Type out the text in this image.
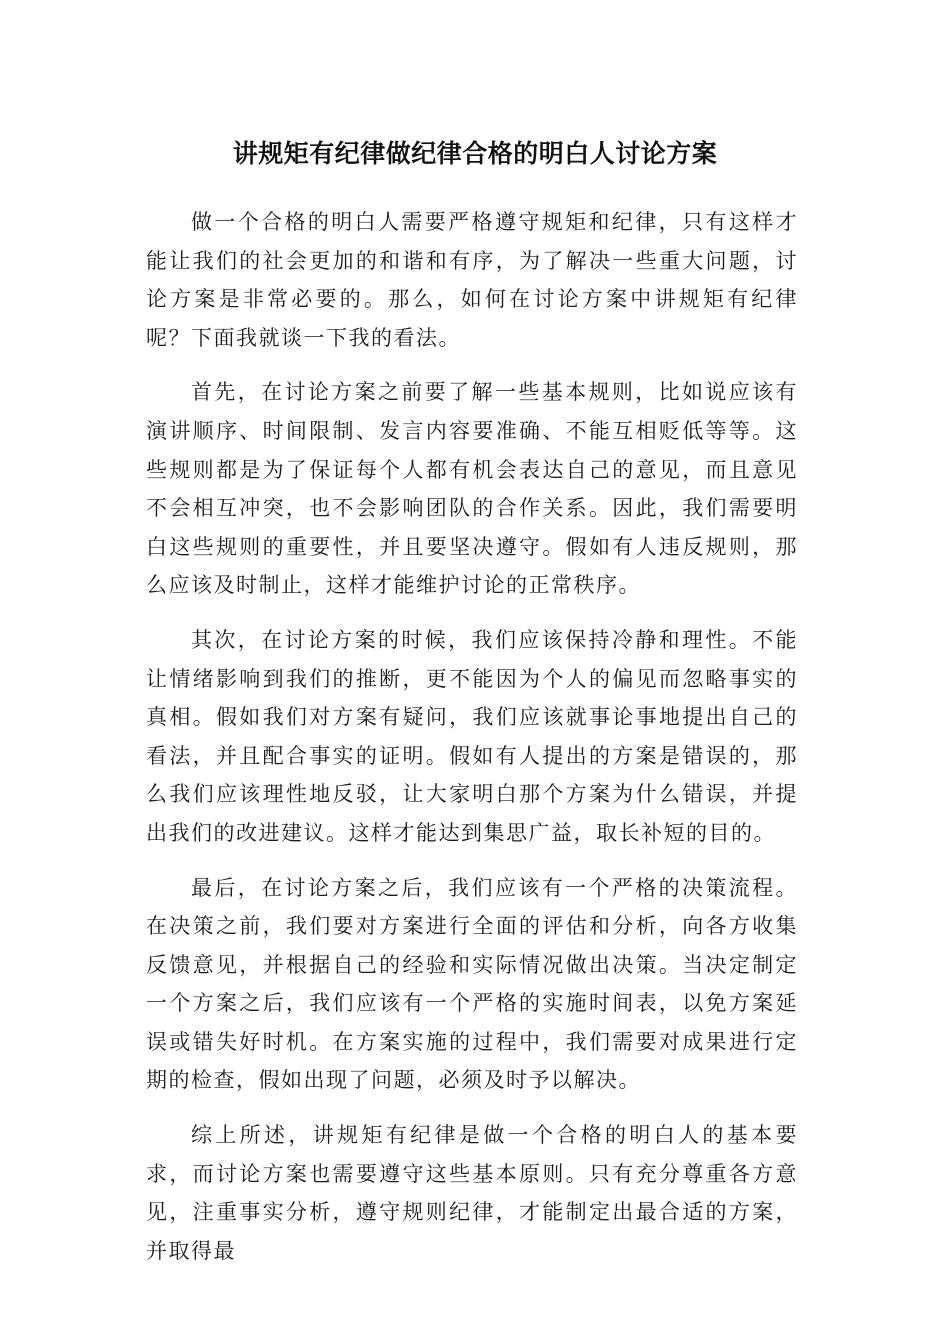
讲规矩有纪律做纪律合格的明白人讨论方案

做一个合格的明白人需要严格遵守规矩和纪律，只有这样才能让我们的社会更加的和谐和有序，为了解决一些重大问题，讨论方案是非常必要的。那么，如何在讨论方案中讲规矩有纪律呢？下面我就谈一下我的看法。

首先，在讨论方案之前要了解一些基本规则，比如说应该有演讲顺序、时间限制、发言内容要准确、不能互相贬低等等。这些规则都是为了保证每个人都有机会表达自己的意见，而且意见不会相互冲突，也不会影响团队的合作关系。因此，我们需要明白这些规则的重要性，并且要坚决遵守。假如有人违反规则，那么应该及时制止，这样才能维护讨论的正常秩序。

其次，在讨论方案的时候，我们应该保持冷静和理性。不能让情绪影响到我们的推断，更不能因为个人的偏见而忽略事实的真相。假如我们对方案有疑问，我们应该就事论事地提出自己的看法，并且配合事实的证明。假如有人提出的方案是错误的，那么我们应该理性地反驳，让大家明白那个方案为什么错误，并提出我们的改进建议。这样才能达到集思广益，取长补短的目的。

最后，在讨论方案之后，我们应该有一个严格的决策流程。在决策之前，我们要对方案进行全面的评估和分析，向各方收集反馈意见，并根据自己的经验和实际情况做出决策。当决定制定一个方案之后，我们应该有一个严格的实施时间表，以免方案延误或错失好时机。在方案实施的过程中，我们需要对成果进行定期的检查，假如出现了问题，必须及时予以解决。

综上所述，讲规矩有纪律是做一个合格的明白人的基本要求，而讨论方案也需要遵守这些基本原则。只有充分尊重各方意见，注重事实分析，遵守规则纪律，才能制定出最合适的方案，并取得最
